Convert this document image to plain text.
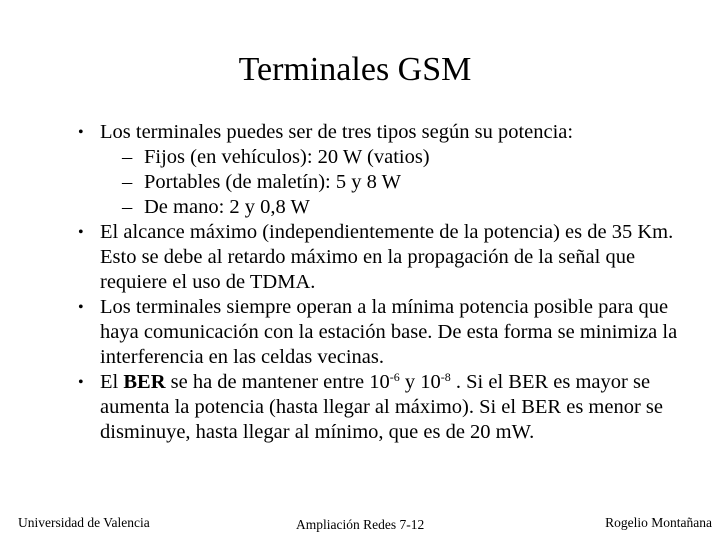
Terminales GSM
• Los terminales puedes ser de tres tipos según su potencia:
– Fijos (en vehículos): 20 W (vatios)
– Portables (de maletín): 5 y 8 W
– De mano: 2 y 0,8 W
• El alcance máximo (independientemente de la potencia) es de 35 Km. Esto se debe al retardo máximo en la propagación de la señal que requiere el uso de TDMA.
• Los terminales siempre operan a la mínima potencia posible para que haya comunicación con la estación base. De esta forma se minimiza la interferencia en las celdas vecinas.
• El BER se ha de mantener entre $10^{-6}$ y $10^{-8}$ . Si el BER es mayor se aumenta la potencia (hasta llegar al máximo). Si el BER es menor se disminuye, hasta llegar al mínimo, que es de 20 mW.
Universidad de Valencia	Ampliación Redes 7-12	Rogelio Montañana
